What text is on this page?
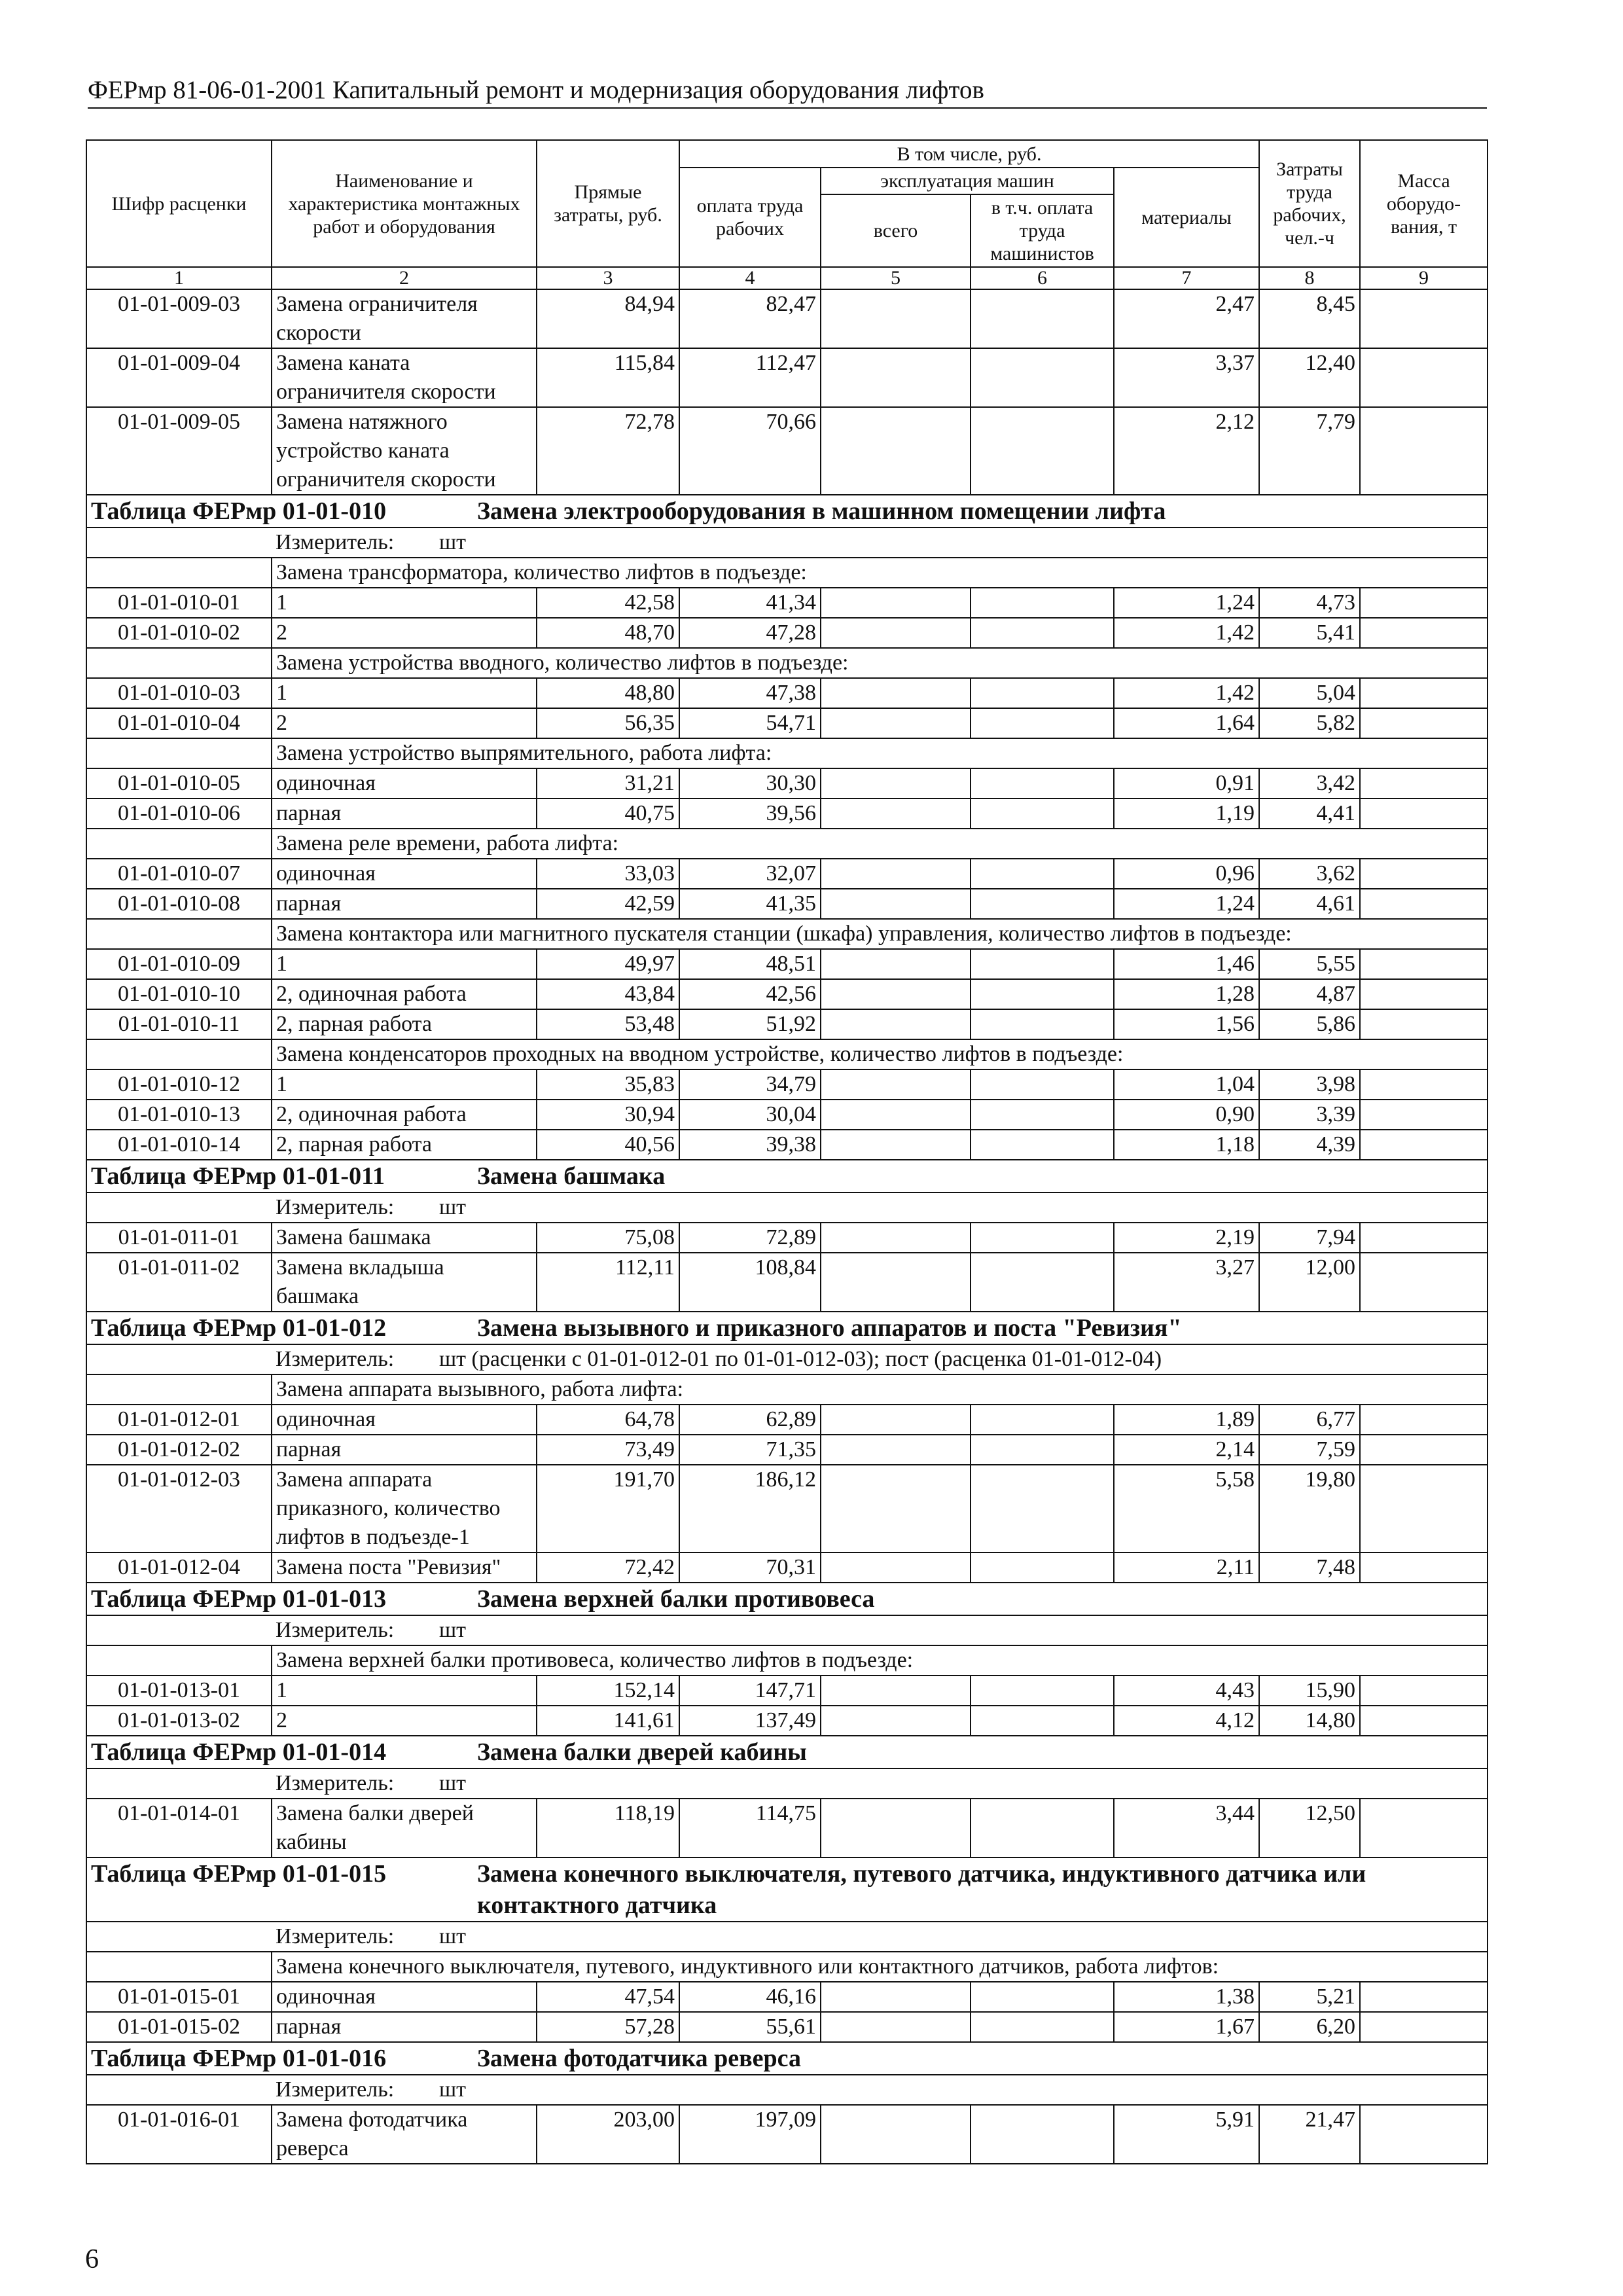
ФЕРмр 81-06-01-2001 Капитальный ремонт и модернизация оборудования лифтов
Шифр расценки	Наименование и характеристика монтажных работ и оборудования	Прямые затраты, руб.	В том числе, руб.				Затраты труда рабочих, чел.-ч	Масса оборудо-вания, т
			оплата труда рабочих	эксплуатация машин		материалы		
				всего	в т.ч. оплата труда машинистов			
1	2	3	4	5	6	7	8	9
01-01-009-03	Замена ограничителя скорости	84,94	82,47			2,47	8,45	
01-01-009-04	Замена каната ограничителя скорости	115,84	112,47			3,37	12,40	
01-01-009-05	Замена натяжного устройство каната ограничителя скорости	72,78	70,66			2,12	7,79	
Таблица ФЕРмр 01-01-010 Замена электрооборудования в машинном помещении лифта								
	Измеритель: шт							
	Замена трансформатора, количество лифтов в подъезде:							
01-01-010-01	1	42,58	41,34			1,24	4,73	
01-01-010-02	2	48,70	47,28			1,42	5,41	
	Замена устройства вводного, количество лифтов в подъезде:							
01-01-010-03	1	48,80	47,38			1,42	5,04	
01-01-010-04	2	56,35	54,71			1,64	5,82	
	Замена устройство выпрямительного, работа лифта:							
01-01-010-05	одиночная	31,21	30,30			0,91	3,42	
01-01-010-06	парная	40,75	39,56			1,19	4,41	
	Замена реле времени, работа лифта:							
01-01-010-07	одиночная	33,03	32,07			0,96	3,62	
01-01-010-08	парная	42,59	41,35			1,24	4,61	
	Замена контактора или магнитного пускателя станции (шкафа) управления, количество лифтов в подъезде:							
01-01-010-09	1	49,97	48,51			1,46	5,55	
01-01-010-10	2, одиночная работа	43,84	42,56			1,28	4,87	
01-01-010-11	2, парная работа	53,48	51,92			1,56	5,86	
	Замена конденсаторов проходных на вводном устройстве, количество лифтов в подъезде:							
01-01-010-12	1	35,83	34,79			1,04	3,98	
01-01-010-13	2, одиночная работа	30,94	30,04			0,90	3,39	
01-01-010-14	2, парная работа	40,56	39,38			1,18	4,39	
Таблица ФЕРмр 01-01-011 Замена башмака								
	Измеритель: шт							
01-01-011-01	Замена башмака	75,08	72,89			2,19	7,94	
01-01-011-02	Замена вкладыша башмака	112,11	108,84			3,27	12,00	
Таблица ФЕРмр 01-01-012 Замена вызывного и приказного аппаратов и поста "Ревизия"								
	Измеритель: шт (расценки с 01-01-012-01 по 01-01-012-03); пост (расценка 01-01-012-04)							
	Замена аппарата вызывного, работа лифта:							
01-01-012-01	одиночная	64,78	62,89			1,89	6,77	
01-01-012-02	парная	73,49	71,35			2,14	7,59	
01-01-012-03	Замена аппарата приказного, количество лифтов в подъезде-1	191,70	186,12			5,58	19,80	
01-01-012-04	Замена поста "Ревизия"	72,42	70,31			2,11	7,48	
Таблица ФЕРмр 01-01-013 Замена верхней балки противовеса								
	Измеритель: шт							
	Замена верхней балки противовеса, количество лифтов в подъезде:							
01-01-013-01	1	152,14	147,71			4,43	15,90	
01-01-013-02	2	141,61	137,49			4,12	14,80	
Таблица ФЕРмр 01-01-014 Замена балки дверей кабины								
	Измеритель: шт							
01-01-014-01	Замена балки дверей кабины	118,19	114,75			3,44	12,50	
Таблица ФЕРмр 01-01-015 Замена конечного выключателя, путевого датчика, индуктивного датчика или контактного датчика								
	Измеритель: шт							
	Замена конечного выключателя, путевого, индуктивного или контактного датчиков, работа лифтов:							
01-01-015-01	одиночная	47,54	46,16			1,38	5,21	
01-01-015-02	парная	57,28	55,61			1,67	6,20	
Таблица ФЕРмр 01-01-016 Замена фотодатчика реверса								
	Измеритель: шт							
01-01-016-01	Замена фотодатчика реверса	203,00	197,09			5,91	21,47	
6
